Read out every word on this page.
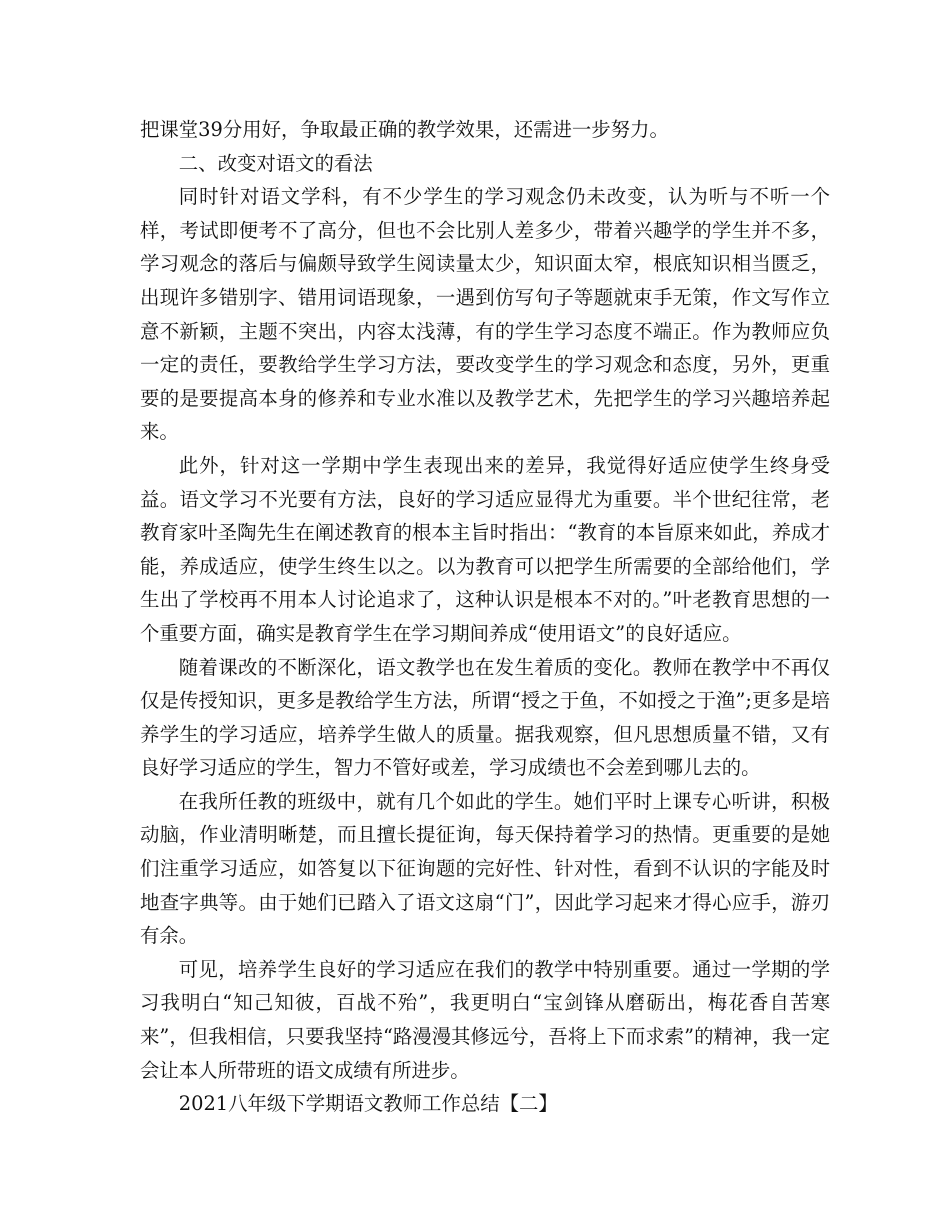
把课堂39分用好，争取最正确的教学效果，还需进一步努力。

二、改变对语文的看法

同时针对语文学科，有不少学生的学习观念仍未改变，认为听与不听一个样，考试即便考不了高分，但也不会比别人差多少，带着兴趣学的学生并不多，学习观念的落后与偏颇导致学生阅读量太少，知识面太窄，根底知识相当匮乏，出现许多错别字、错用词语现象，一遇到仿写句子等题就束手无策，作文写作立意不新颖，主题不突出，内容太浅薄，有的学生学习态度不端正。作为教师应负一定的责任，要教给学生学习方法，要改变学生的学习观念和态度，另外，更重要的是要提高本身的修养和专业水准以及教学艺术，先把学生的学习兴趣培养起来。

此外，针对这一学期中学生表现出来的差异，我觉得好适应使学生终身受益。语文学习不光要有方法，良好的学习适应显得尤为重要。半个世纪往常，老教育家叶圣陶先生在阐述教育的根本主旨时指出：“教育的本旨原来如此，养成才能，养成适应，使学生终生以之。以为教育可以把学生所需要的全部给他们，学生出了学校再不用本人讨论追求了，这种认识是根本不对的。”叶老教育思想的一个重要方面，确实是教育学生在学习期间养成“使用语文”的良好适应。

随着课改的不断深化，语文教学也在发生着质的变化。教师在教学中不再仅仅是传授知识，更多是教给学生方法，所谓“授之于鱼，不如授之于渔”;更多是培养学生的学习适应，培养学生做人的质量。据我观察，但凡思想质量不错，又有良好学习适应的学生，智力不管好或差，学习成绩也不会差到哪儿去的。

在我所任教的班级中，就有几个如此的学生。她们平时上课专心听讲，积极动脑，作业清明晰楚，而且擅长提征询，每天保持着学习的热情。更重要的是她们注重学习适应，如答复以下征询题的完好性、针对性，看到不认识的字能及时地查字典等。由于她们已踏入了语文这扇“门”，因此学习起来才得心应手，游刃有余。

可见，培养学生良好的学习适应在我们的教学中特别重要。通过一学期的学习我明白“知己知彼，百战不殆”，我更明白“宝剑锋从磨砺出，梅花香自苦寒来”，但我相信，只要我坚持“路漫漫其修远兮，吾将上下而求索”的精神，我一定会让本人所带班的语文成绩有所进步。

2021八年级下学期语文教师工作总结【二】
